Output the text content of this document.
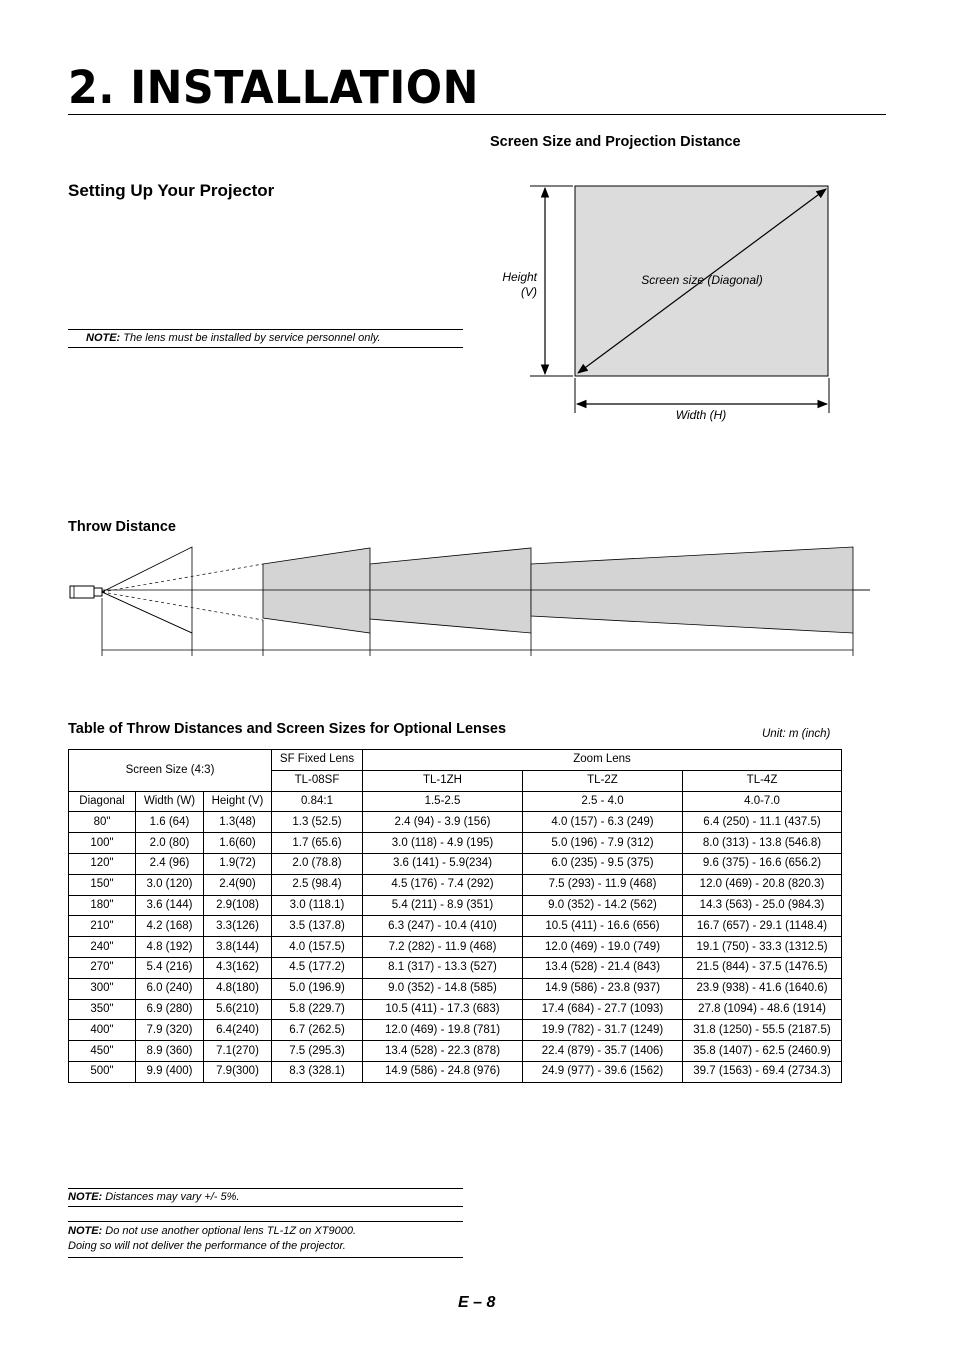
2. INSTALLATION
Screen Size and Projection Distance
Setting Up Your Projector
NOTE: The lens must be installed by service personnel only.
Height
(V)
Screen size (Diagonal)
Width (H)
Throw Distance
Table of Throw Distances and Screen Sizes for Optional Lenses	Unit: m (inch)
Screen Size (4:3)			SF Fixed Lens	Zoom Lens		
			TL-08SF	TL-1ZH	TL-2Z	TL-4Z
Diagonal	Width (W)	Height (V)	0.84:1	1.5-2.5	2.5 - 4.0	4.0-7.0
80"	1.6 (64)	1.3(48)	1.3 (52.5)	2.4 (94) - 3.9 (156)	4.0 (157) - 6.3 (249)	6.4 (250) - 11.1 (437.5)
100"	2.0 (80)	1.6(60)	1.7 (65.6)	3.0 (118) - 4.9 (195)	5.0 (196) - 7.9 (312)	8.0 (313) - 13.8 (546.8)
120"	2.4 (96)	1.9(72)	2.0 (78.8)	3.6 (141) - 5.9(234)	6.0 (235) - 9.5 (375)	9.6 (375) - 16.6 (656.2)
150"	3.0 (120)	2.4(90)	2.5 (98.4)	4.5 (176) - 7.4 (292)	7.5 (293) - 11.9 (468)	12.0 (469) - 20.8 (820.3)
180"	3.6 (144)	2.9(108)	3.0 (118.1)	5.4 (211) - 8.9 (351)	9.0 (352) - 14.2 (562)	14.3 (563) - 25.0 (984.3)
210"	4.2 (168)	3.3(126)	3.5 (137.8)	6.3 (247) - 10.4 (410)	10.5 (411) - 16.6 (656)	16.7 (657) - 29.1 (1148.4)
240"	4.8 (192)	3.8(144)	4.0 (157.5)	7.2 (282) - 11.9 (468)	12.0 (469) - 19.0 (749)	19.1 (750) - 33.3 (1312.5)
270"	5.4 (216)	4.3(162)	4.5 (177.2)	8.1 (317) - 13.3 (527)	13.4 (528) - 21.4 (843)	21.5 (844) - 37.5 (1476.5)
300"	6.0 (240)	4.8(180)	5.0 (196.9)	9.0 (352) - 14.8 (585)	14.9 (586) - 23.8 (937)	23.9 (938) - 41.6 (1640.6)
350"	6.9 (280)	5.6(210)	5.8 (229.7)	10.5 (411) - 17.3 (683)	17.4 (684) - 27.7 (1093)	27.8 (1094) - 48.6 (1914)
400"	7.9 (320)	6.4(240)	6.7 (262.5)	12.0 (469) - 19.8 (781)	19.9 (782) - 31.7 (1249)	31.8 (1250) - 55.5 (2187.5)
450"	8.9 (360)	7.1(270)	7.5 (295.3)	13.4 (528) - 22.3 (878)	22.4 (879) - 35.7 (1406)	35.8 (1407) - 62.5 (2460.9)
500"	9.9 (400)	7.9(300)	8.3 (328.1)	14.9 (586) - 24.8 (976)	24.9 (977) - 39.6 (1562)	39.7 (1563) - 69.4 (2734.3)
NOTE: Distances may vary +/- 5%.
NOTE: Do not use another optional lens TL-1Z on XT9000.
Doing so will not deliver the performance of the projector.
E – 8
